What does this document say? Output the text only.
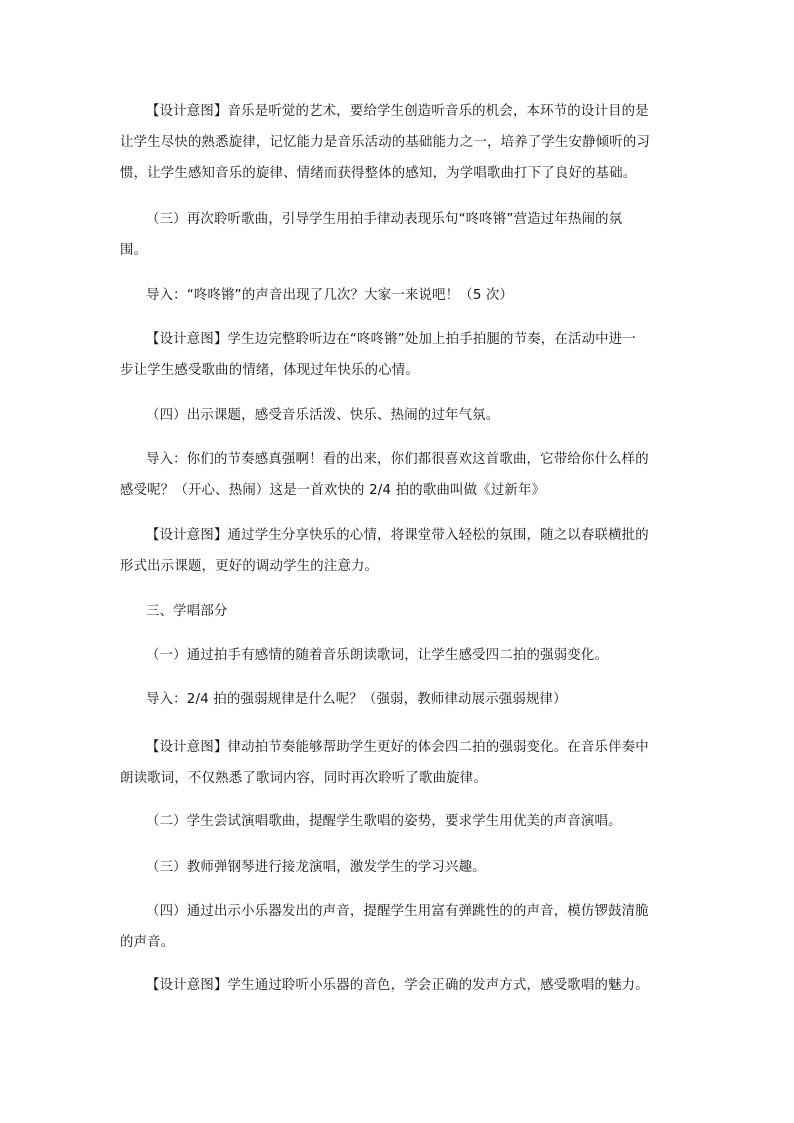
【设计意图】音乐是听觉的艺术，要给学生创造听音乐的机会，本环节的设计目的是
让学生尽快的熟悉旋律，记忆能力是音乐活动的基础能力之一，培养了学生安静倾听的习
惯，让学生感知音乐的旋律、情绪而获得整体的感知，为学唱歌曲打下了良好的基础。
（三）再次聆听歌曲，引导学生用拍手律动表现乐句“咚咚锵”营造过年热闹的氛
围。
导入：“咚咚锵”的声音出现了几次？大家一来说吧！（5 次）
【设计意图】学生边完整聆听边在“咚咚锵”处加上拍手拍腿的节奏，在活动中进一
步让学生感受歌曲的情绪，体现过年快乐的心情。
（四）出示课题，感受音乐活泼、快乐、热闹的过年气氛。
导入：你们的节奏感真强啊！看的出来，你们都很喜欢这首歌曲，它带给你什么样的
感受呢？（开心、热闹）这是一首欢快的 2/4 拍的歌曲叫做《过新年》
【设计意图】通过学生分享快乐的心情，将课堂带入轻松的氛围，随之以春联横批的
形式出示课题，更好的调动学生的注意力。
三、学唱部分
（一）通过拍手有感情的随着音乐朗读歌词，让学生感受四二拍的强弱变化。
导入：2/4 拍的强弱规律是什么呢？（强弱，教师律动展示强弱规律）
【设计意图】律动拍节奏能够帮助学生更好的体会四二拍的强弱变化。在音乐伴奏中
朗读歌词，不仅熟悉了歌词内容，同时再次聆听了歌曲旋律。
（二）学生尝试演唱歌曲，提醒学生歌唱的姿势，要求学生用优美的声音演唱。
（三）教师弹钢琴进行接龙演唱，激发学生的学习兴趣。
（四）通过出示小乐器发出的声音，提醒学生用富有弹跳性的的声音，模仿锣鼓清脆
的声音。
【设计意图】学生通过聆听小乐器的音色，学会正确的发声方式，感受歌唱的魅力。
